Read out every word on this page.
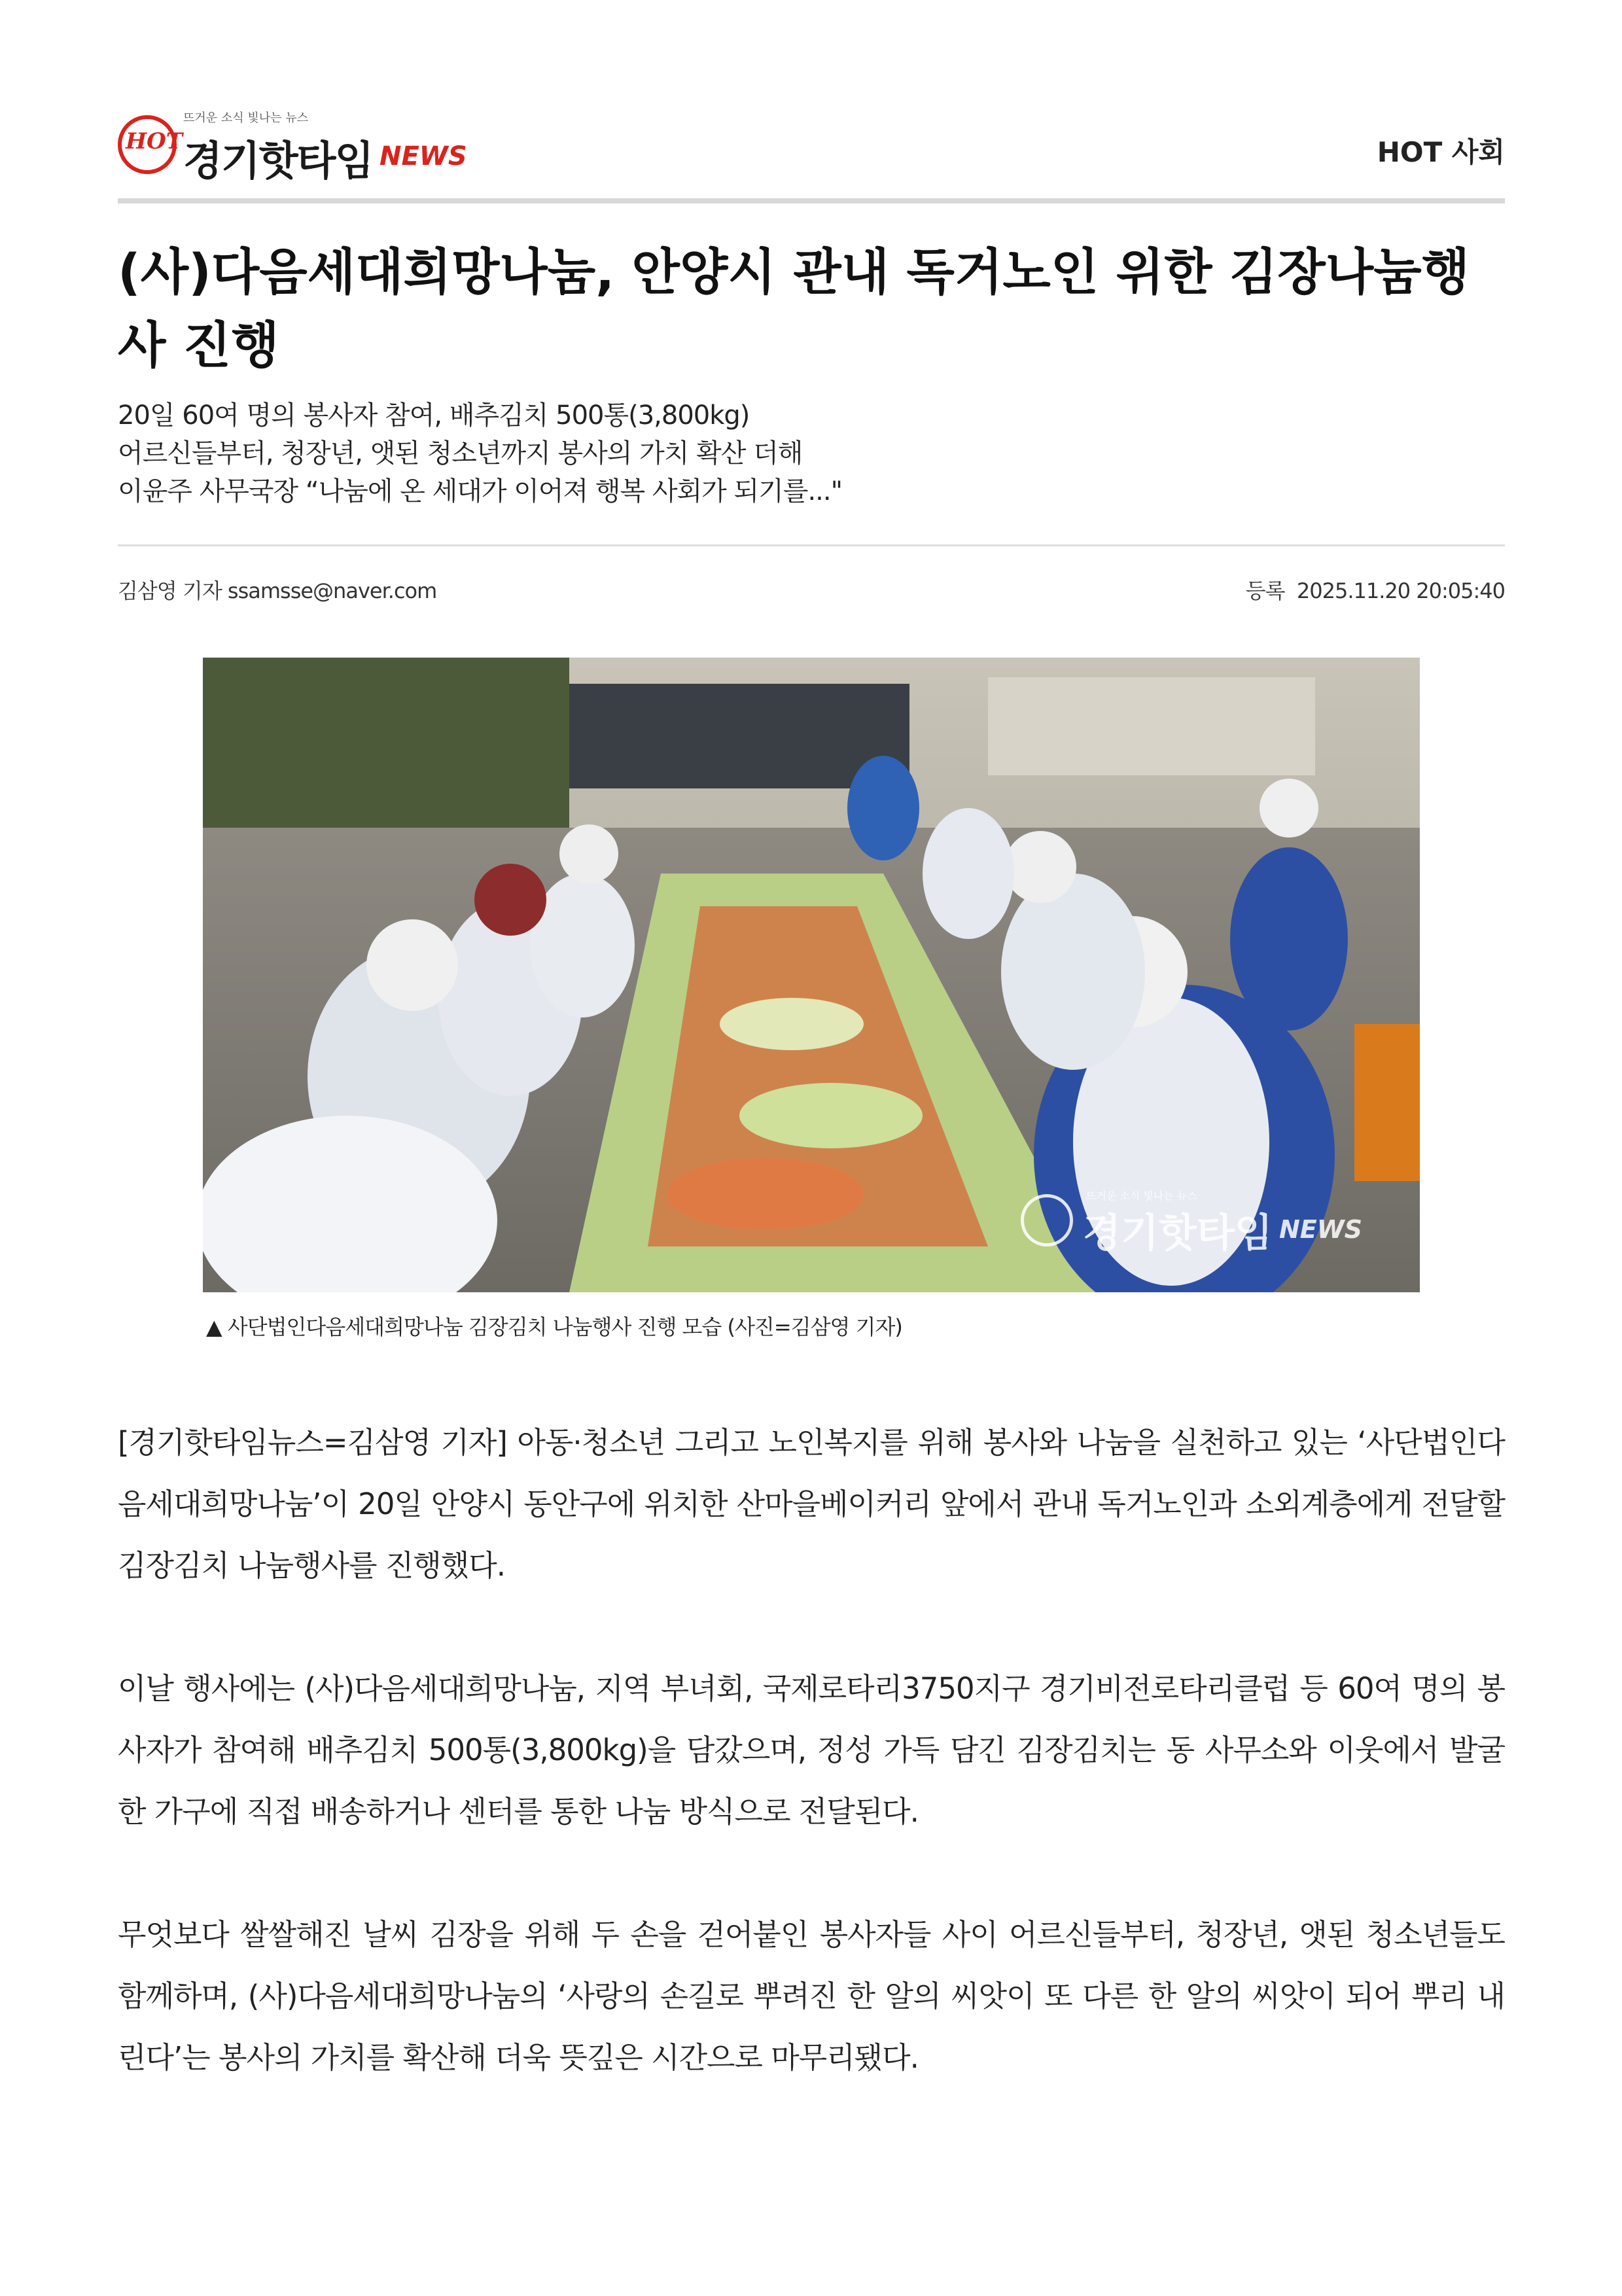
HOT
뜨거운 소식 빛나는 뉴스
경기핫타임 NEWS	HOT 사회
(사)다음세대희망나눔, 안양시 관내 독거노인 위한 김장나눔행사 진행
20일 60여 명의 봉사자 참여, 배추김치 500통(3,800kg)
어르신들부터, 청장년, 앳된 청소년까지 봉사의 가치 확산 더해
이윤주 사무국장 “나눔에 온 세대가 이어져 행복 사회가 되기를..."
김삼영 기자 ssamsse@naver.com	등록 2025.11.20 20:05:40
뜨거운 소식 빛나는 뉴스
경기핫타임 NEWS
▲ 사단법인다음세대희망나눔 김장김치 나눔행사 진행 모습 (사진=김삼영 기자)

[경기핫타임뉴스=김삼영 기자] 아동·청소년 그리고 노인복지를 위해 봉사와 나눔을 실천하고 있는 ‘사단법인다음세대희망나눔’이 20일 안양시 동안구에 위치한 산마을베이커리 앞에서 관내 독거노인과 소외계층에게 전달할 김장김치 나눔행사를 진행했다.

이날 행사에는 (사)다음세대희망나눔, 지역 부녀회, 국제로타리3750지구 경기비전로타리클럽 등 60여 명의 봉사자가 참여해 배추김치 500통(3,800kg)을 담갔으며, 정성 가득 담긴 김장김치는 동 사무소와 이웃에서 발굴한 가구에 직접 배송하거나 센터를 통한 나눔 방식으로 전달된다.

무엇보다 쌀쌀해진 날씨 김장을 위해 두 손을 걷어붙인 봉사자들 사이 어르신들부터, 청장년, 앳된 청소년들도 함께하며, (사)다음세대희망나눔의 ‘사랑의 손길로 뿌려진 한 알의 씨앗이 또 다른 한 알의 씨앗이 되어 뿌리 내린다’는 봉사의 가치를 확산해 더욱 뜻깊은 시간으로 마무리됐다.
